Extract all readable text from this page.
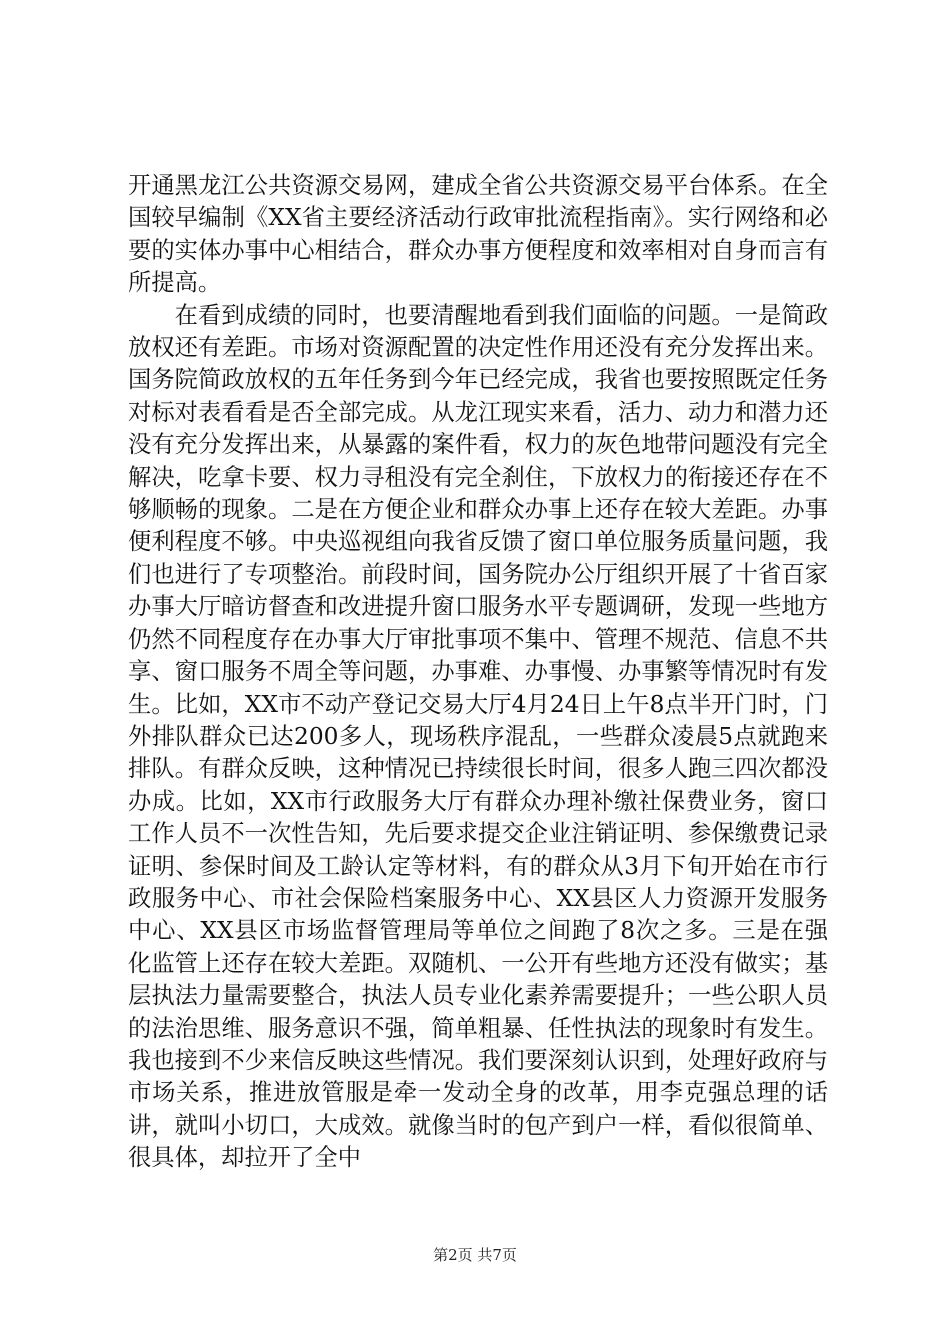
开通黑龙江公共资源交易网，建成全省公共资源交易平台体系。在全国较早编制《XX省主要经济活动行政审批流程指南》。实行网络和必要的实体办事中心相结合，群众办事方便程度和效率相对自身而言有所提高。

在看到成绩的同时，也要清醒地看到我们面临的问题。一是简政放权还有差距。市场对资源配置的决定性作用还没有充分发挥出来。国务院简政放权的五年任务到今年已经完成，我省也要按照既定任务对标对表看看是否全部完成。从龙江现实来看，活力、动力和潜力还没有充分发挥出来，从暴露的案件看，权力的灰色地带问题没有完全解决，吃拿卡要、权力寻租没有完全刹住，下放权力的衔接还存在不够顺畅的现象。二是在方便企业和群众办事上还存在较大差距。办事便利程度不够。中央巡视组向我省反馈了窗口单位服务质量问题，我们也进行了专项整治。前段时间，国务院办公厅组织开展了十省百家办事大厅暗访督查和改进提升窗口服务水平专题调研，发现一些地方仍然不同程度存在办事大厅审批事项不集中、管理不规范、信息不共享、窗口服务不周全等问题，办事难、办事慢、办事繁等情况时有发生。比如，XX市不动产登记交易大厅4月24日上午8点半开门时，门外排队群众已达200多人，现场秩序混乱，一些群众凌晨5点就跑来排队。有群众反映，这种情况已持续很长时间，很多人跑三四次都没办成。比如，XX市行政服务大厅有群众办理补缴社保费业务，窗口工作人员不一次性告知，先后要求提交企业注销证明、参保缴费记录证明、参保时间及工龄认定等材料，有的群众从3月下旬开始在市行政服务中心、市社会保险档案服务中心、XX县区人力资源开发服务中心、XX县区市场监督管理局等单位之间跑了8次之多。三是在强化监管上还存在较大差距。双随机、一公开有些地方还没有做实；基层执法力量需要整合，执法人员专业化素养需要提升；一些公职人员的法治思维、服务意识不强，简单粗暴、任性执法的现象时有发生。我也接到不少来信反映这些情况。我们要深刻认识到，处理好政府与市场关系，推进放管服是牵一发动全身的改革，用李克强总理的话讲，就叫小切口，大成效。就像当时的包产到户一样，看似很简单、很具体，却拉开了全中

第2页 共7页
